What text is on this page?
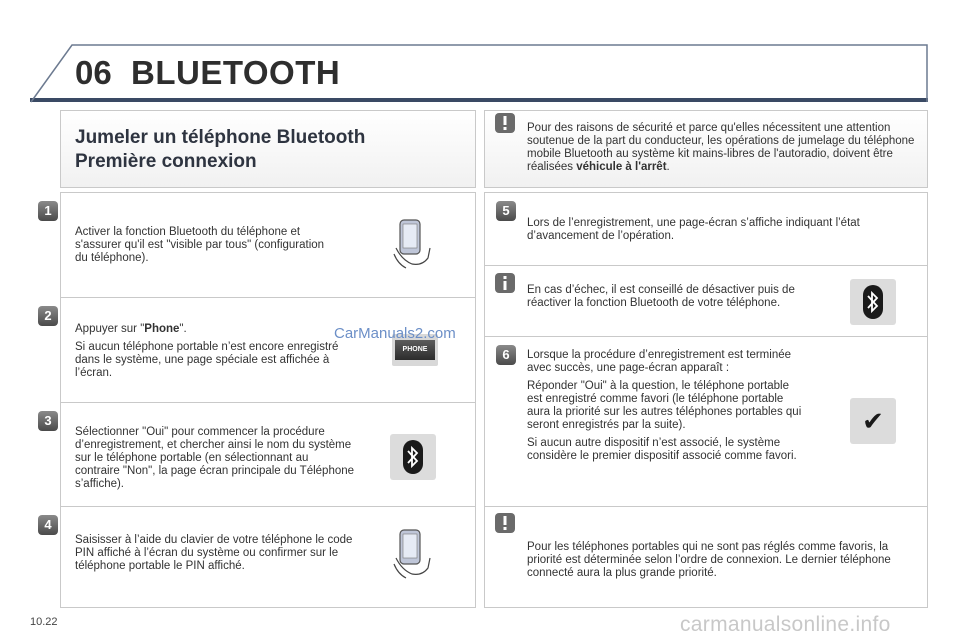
06 BLUETOOTH
Jumeler un téléphone Bluetooth
Première connexion
1
Activer la fonction Bluetooth du téléphone et s'assurer qu'il est "visible par tous" (configuration du téléphone).
2

Appuyer sur "Phone".

Si aucun téléphone portable n’est encore enregistré dans le système, une page spéciale est affichée à l’écran.

PHONE
3
Sélectionner "Oui" pour commencer la procédure d’enregistrement, et chercher ainsi le nom du système sur le téléphone portable (en sélectionnant au contraire "Non", la page écran principale du Téléphone s’affiche).
4
Saisisser à l’aide du clavier de votre téléphone le code PIN affiché à l’écran du système ou confirmer sur le téléphone portable le PIN affiché.
Pour des raisons de sécurité et parce qu'elles nécessitent une attention soutenue de la part du conducteur, les opérations de jumelage du téléphone mobile Bluetooth au système kit mains-libres de l'autoradio, doivent être réalisées véhicule à l'arrêt.
5
Lors de l’enregistrement, une page-écran s’affiche indiquant l’état d’avancement de l’opération.
En cas d’échec, il est conseillé de désactiver puis de réactiver la fonction Bluetooth de votre téléphone.
6	Lorsque la procédure d’enregistrement est terminée avec succès, une page-écran apparaît :

Réponder "Oui" à la question, le téléphone portable est enregistré comme favori (le téléphone portable aura la priorité sur les autres téléphones portables qui seront enregistrés par la suite).

Si aucun autre dispositif n’est associé, le système considère le premier dispositif associé comme favori.

✔
Pour les téléphones portables qui ne sont pas réglés comme favoris, la priorité est déterminée selon l’ordre de connexion. Le dernier téléphone connecté aura la plus grande priorité.
CarManuals2.com
10.22	carmanualsonline.info
